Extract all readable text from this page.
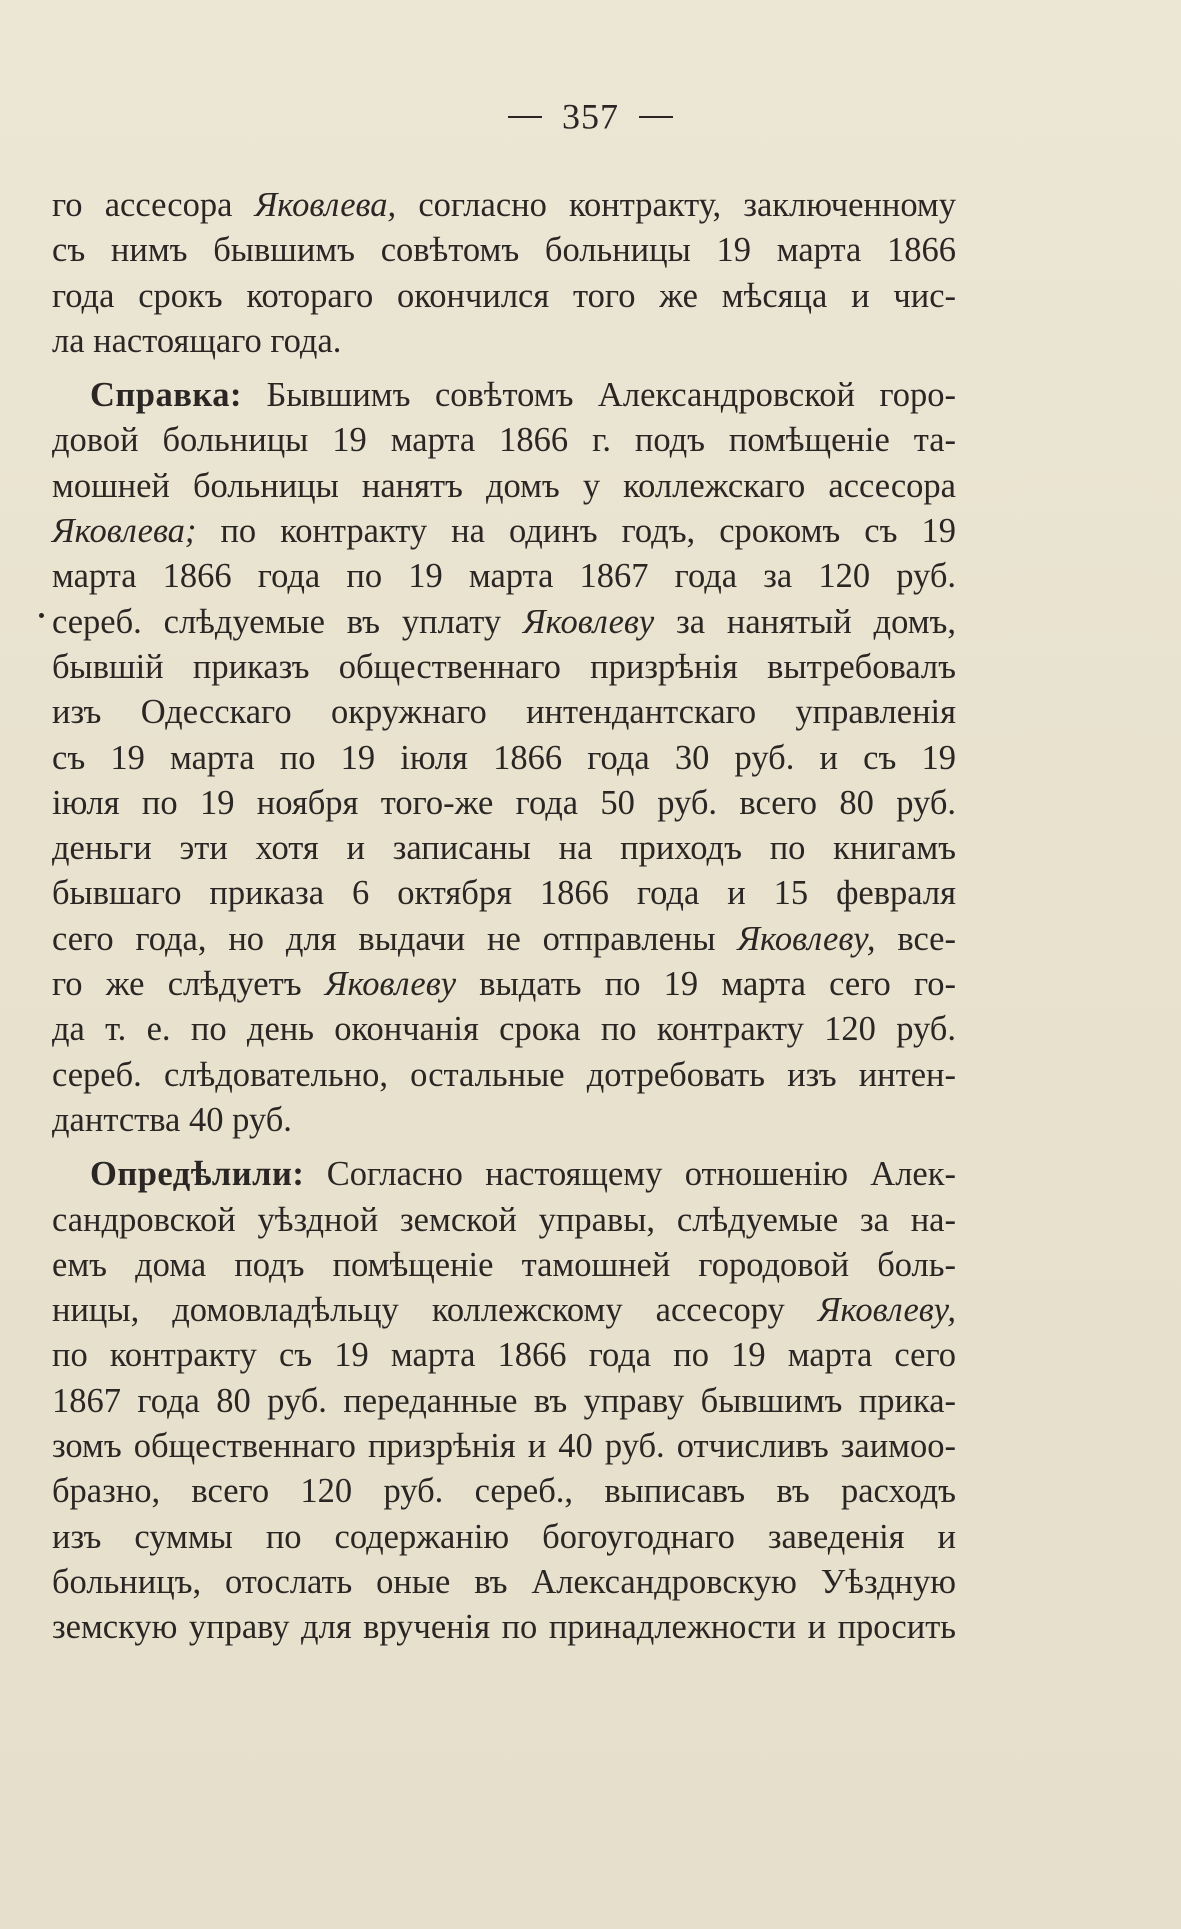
357
го ассесора Яковлева, согласно контракту, заключенному
съ нимъ бывшимъ совѣтомъ больницы 19 марта 1866
года срокъ котораго окончился того же мѣсяца и чис-
ла настоящаго года.
Справка: Бывшимъ совѣтомъ Александровской горо-
довой больницы 19 марта 1866 г. подъ помѣщеніе та-
мошней больницы нанятъ домъ у коллежскаго ассесора
Яковлева; по контракту на одинъ годъ, срокомъ съ 19
марта 1866 года по 19 марта 1867 года за 120 руб.
сереб. слѣдуемые въ уплату Яковлеву за нанятый домъ,
бывшій приказъ общественнаго призрѣнія вытребовалъ
изъ Одесскаго окружнаго интендантскаго управленія
съ 19 марта по 19 іюля 1866 года 30 руб. и съ 19
іюля по 19 ноября того-же года 50 руб. всего 80 руб.
деньги эти хотя и записаны на приходъ по книгамъ
бывшаго приказа 6 октября 1866 года и 15 февраля
сего года, но для выдачи не отправлены Яковлеву, все-
го же слѣдуетъ Яковлеву выдать по 19 марта сего го-
да т. е. по день окончанія срока по контракту 120 руб.
сереб. слѣдовательно, остальные дотребовать изъ интен-
дантства 40 руб.
Опредѣлили: Согласно настоящему отношенію Алек-
сандровской уѣздной земской управы, слѣдуемые за на-
емъ дома подъ помѣщеніе тамошней городовой боль-
ницы, домовладѣльцу коллежскому ассесору Яковлеву,
по контракту съ 19 марта 1866 года по 19 марта сего
1867 года 80 руб. переданные въ управу бывшимъ прика-
зомъ общественнаго призрѣнія и 40 руб. отчисливъ заимоо-
бразно, всего 120 руб. сереб., выписавъ въ расходъ
изъ суммы по содержанію богоугоднаго заведенія и
больницъ, отослать оные въ Александровскую Уѣздную
земскую управу для врученія по принадлежности и просить
